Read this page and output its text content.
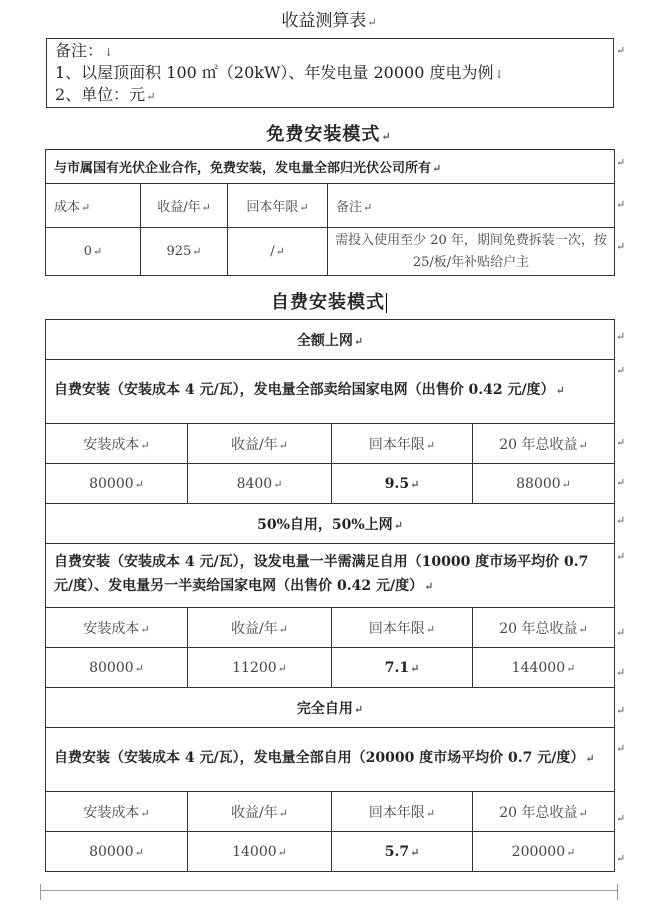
收益测算表↵
备注：↓
1、以屋顶面积 100 ㎡（20kW）、年发电量 20000 度电为例↓
2、单位：元↵
↵
免费安装模式↵
与市属国有光伏企业合作，免费安装，发电量全部归光伏公司所有↵			
成本↵	收益/年↵	回本年限↵	备注↵
0↵	925↵	/↵	需投入使用至少 20 年，期间免费拆装一次，按 25/板/年补贴给户主
↵
↵
↵
自费安装模式
全额上网↵			
自费安装（安装成本 4 元/瓦），发电量全部卖给国家电网（出售价 0.42 元/度）↵			
安装成本↵	收益/年↵	回本年限↵	20 年总收益↵
80000↵	8400↵	9.5↵	88000↵
50%自用，50%上网↵			
自费安装（安装成本 4 元/瓦），设发电量一半需满足自用（10000 度市场平均价 0.7 元/度）、发电量另一半卖给国家电网（出售价 0.42 元/度）↵			
安装成本↵	收益/年↵	回本年限↵	20 年总收益↵
80000↵	11200↵	7.1↵	144000↵
完全自用↵			
自费安装（安装成本 4 元/瓦），发电量全部自用（20000 度市场平均价 0.7 元/度）↵			
安装成本↵	收益/年↵	回本年限↵	20 年总收益↵
80000↵	14000↵	5.7↵	200000↵
↵
↵
↵
↵
↵
↵
↵
↵
↵
↵
↵
↵
